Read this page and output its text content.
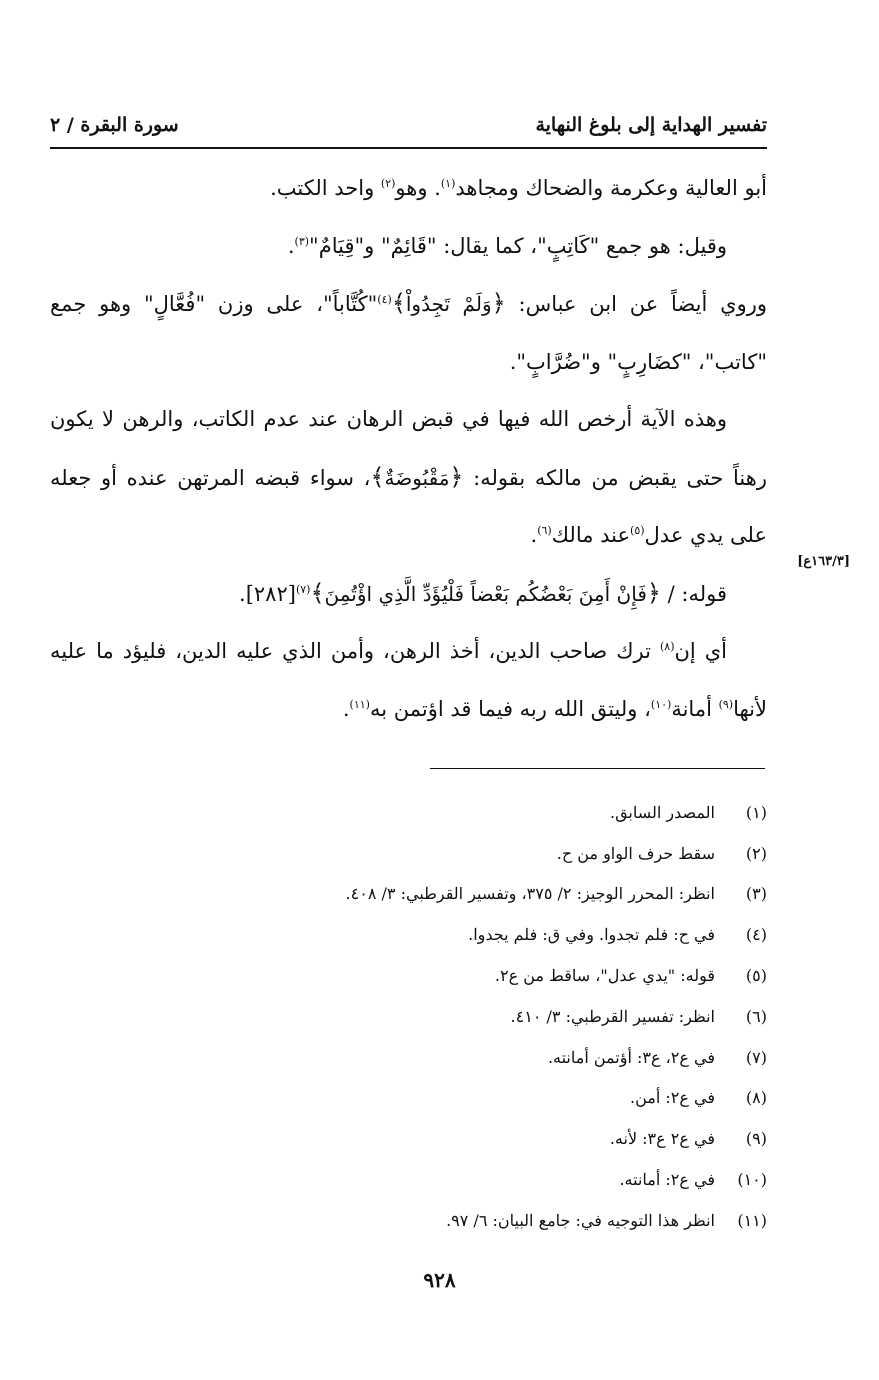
تفسير الهداية إلى بلوغ النهاية
سورة البقرة / ٢

أبو العالية وعكرمة والضحاك ومجاهد$^{(١)}$. وهو$^{(٢)}$ واحد الكتب.

وقيل: هو جمع "كَاتِبٍ"، كما يقال: "قَائِمٌ" و"قِيَامٌ"$^{(٣)}$.

وروي أيضاً عن ابن عباس: ﴿وَلَمْ تَجِدُواْ﴾$^{(٤)}$"كُتَّاباً"، على وزن "فُعَّالٍ" وهو جمع "كاتب"، "كضَارِبٍ" و"ضُرَّابٍ".

وهذه الآية أرخص الله فيها في قبض الرهان عند عدم الكاتب، والرهن لا يكون رهناً حتى يقبض من مالكه بقوله: ﴿مَقْبُوضَةٌ﴾، سواء قبضه المرتهن عنده أو جعله على يدي عدل$^{(٥)}$عند مالك$^{(٦)}$.

قوله: / ﴿فَإِنْ أَمِنَ بَعْضُكُم بَعْضاً فَلْيُؤَدِّ الَّذِي اؤْتُمِنَ﴾$^{(٧)}$[٢٨٢].

أي إن$^{(٨)}$ ترك صاحب الدين، أخذ الرهن، وأمن الذي عليه الدين، فليؤد ما عليه لأنها$^{(٩)}$ أمانة$^{(١٠)}$، وليتق الله ربه فيما قد اؤتمن به$^{(١١)}$.

[١٦٣/٣ع]
(١)
المصدر السابق.
(٢)
سقط حرف الواو من ح.
(٣)
انظر: المحرر الوجيز: ٢/ ٣٧٥، وتفسير القرطبي: ٣/ ٤٠٨.
(٤)
في ح: فلم تجدوا. وفي ق: فلم يجدوا.
(٥)
قوله: "يدي عدل"، ساقط من ع٢.
(٦)
انظر: تفسير القرطبي: ٣/ ٤١٠.
(٧)
في ع٢، ع٣: أؤتمن أمانته.
(٨)
في ع٢: أمن.
(٩)
في ع٢ ع٣: لأنه.
(١٠)
في ع٢: أمانته.
(١١)
انظر هذا التوجيه في: جامع البيان: ٦/ ٩٧.
٩٢٨
